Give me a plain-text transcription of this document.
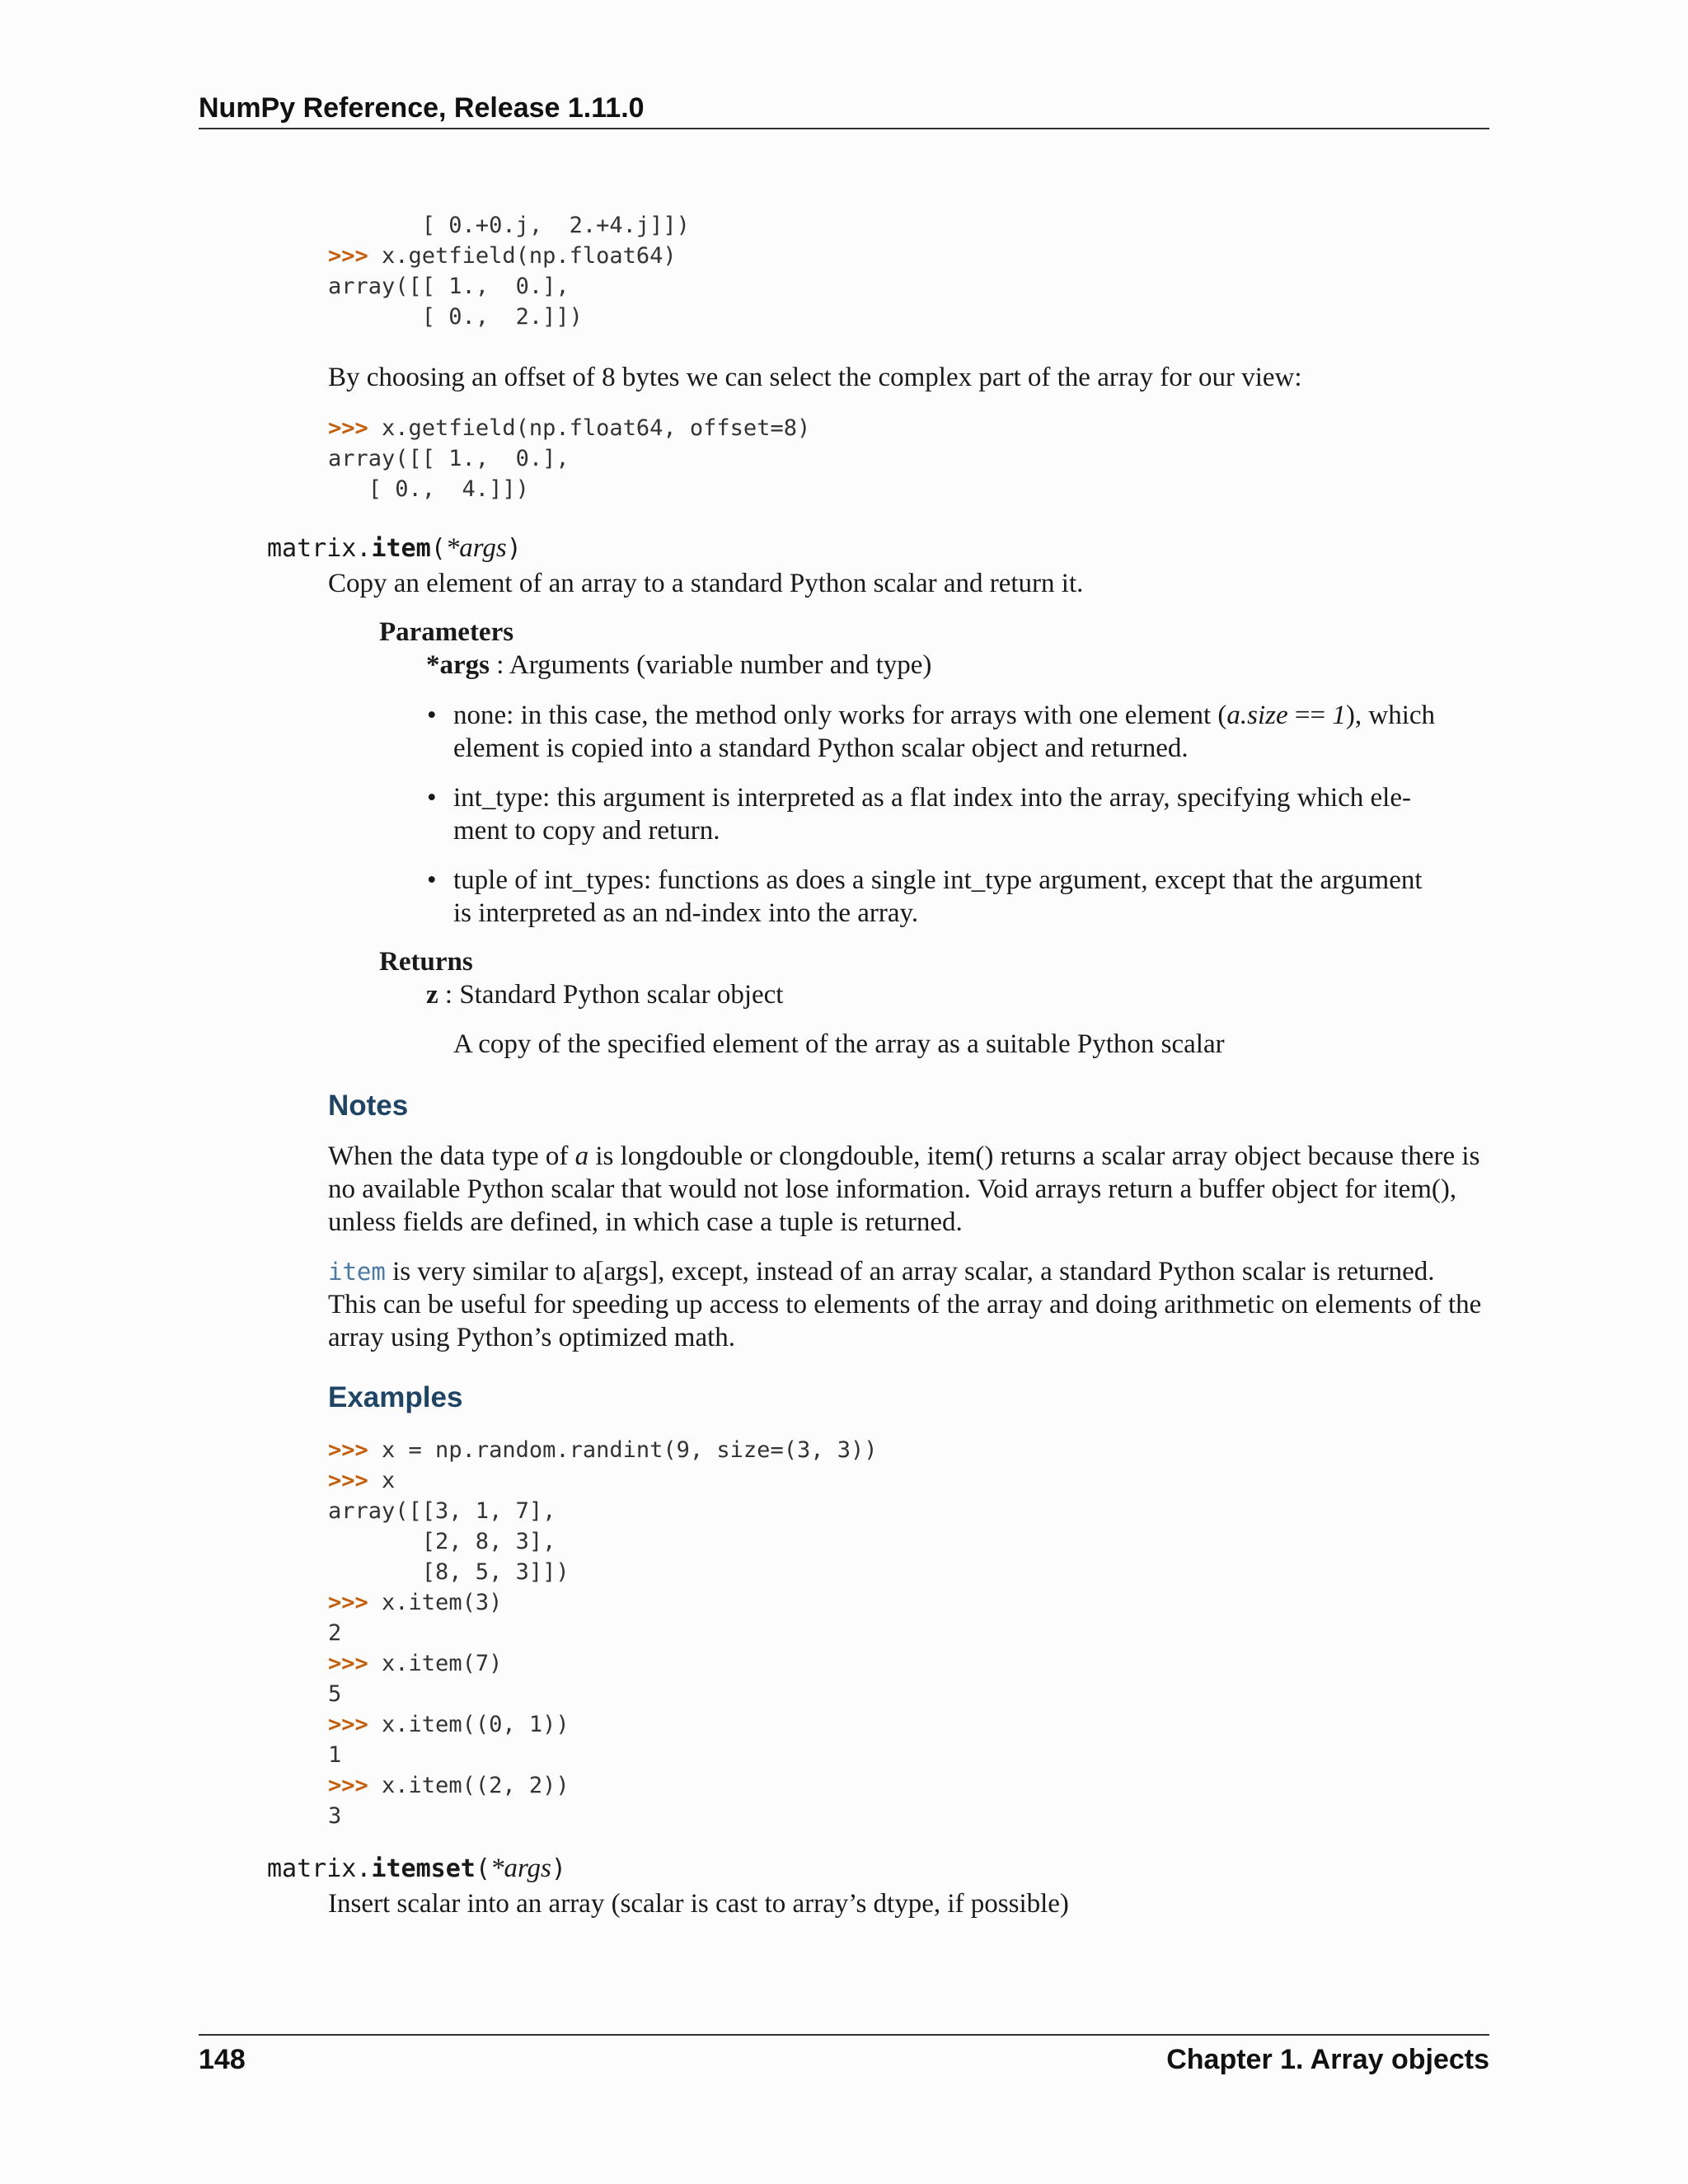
NumPy Reference, Release 1.11.0
[ 0.+0.j,  2.+4.j]])
>>> x.getfield(np.float64)
array([[ 1.,  0.],
[ 0.,  2.]])
By choosing an offset of 8 bytes we can select the complex part of the array for our view:
>>> x.getfield(np.float64, offset=8)
array([[ 1.,  0.],
[ 0.,  4.]])
matrix.item(*args)
Copy an element of an array to a standard Python scalar and return it.
Parameters
*args : Arguments (variable number and type)
• none: in this case, the method only works for arrays with one element (a.size == 1), which
element is copied into a standard Python scalar object and returned.
• int_type: this argument is interpreted as a flat index into the array, specifying which ele-
ment to copy and return.
• tuple of int_types: functions as does a single int_type argument, except that the argument
is interpreted as an nd-index into the array.
Returns
z : Standard Python scalar object
A copy of the specified element of the array as a suitable Python scalar
Notes
When the data type of a is longdouble or clongdouble, item() returns a scalar array object because there is
no available Python scalar that would not lose information. Void arrays return a buffer object for item(),
unless fields are defined, in which case a tuple is returned.
item is very similar to a[args], except, instead of an array scalar, a standard Python scalar is returned.
This can be useful for speeding up access to elements of the array and doing arithmetic on elements of the
array using Python’s optimized math.
Examples
>>> x = np.random.randint(9, size=(3, 3))
>>> x
array([[3, 1, 7],
[2, 8, 3],
[8, 5, 3]])
>>> x.item(3)
2
>>> x.item(7)
5
>>> x.item((0, 1))
1
>>> x.item((2, 2))
3
matrix.itemset(*args)
Insert scalar into an array (scalar is cast to array’s dtype, if possible)
148	Chapter 1. Array objects
